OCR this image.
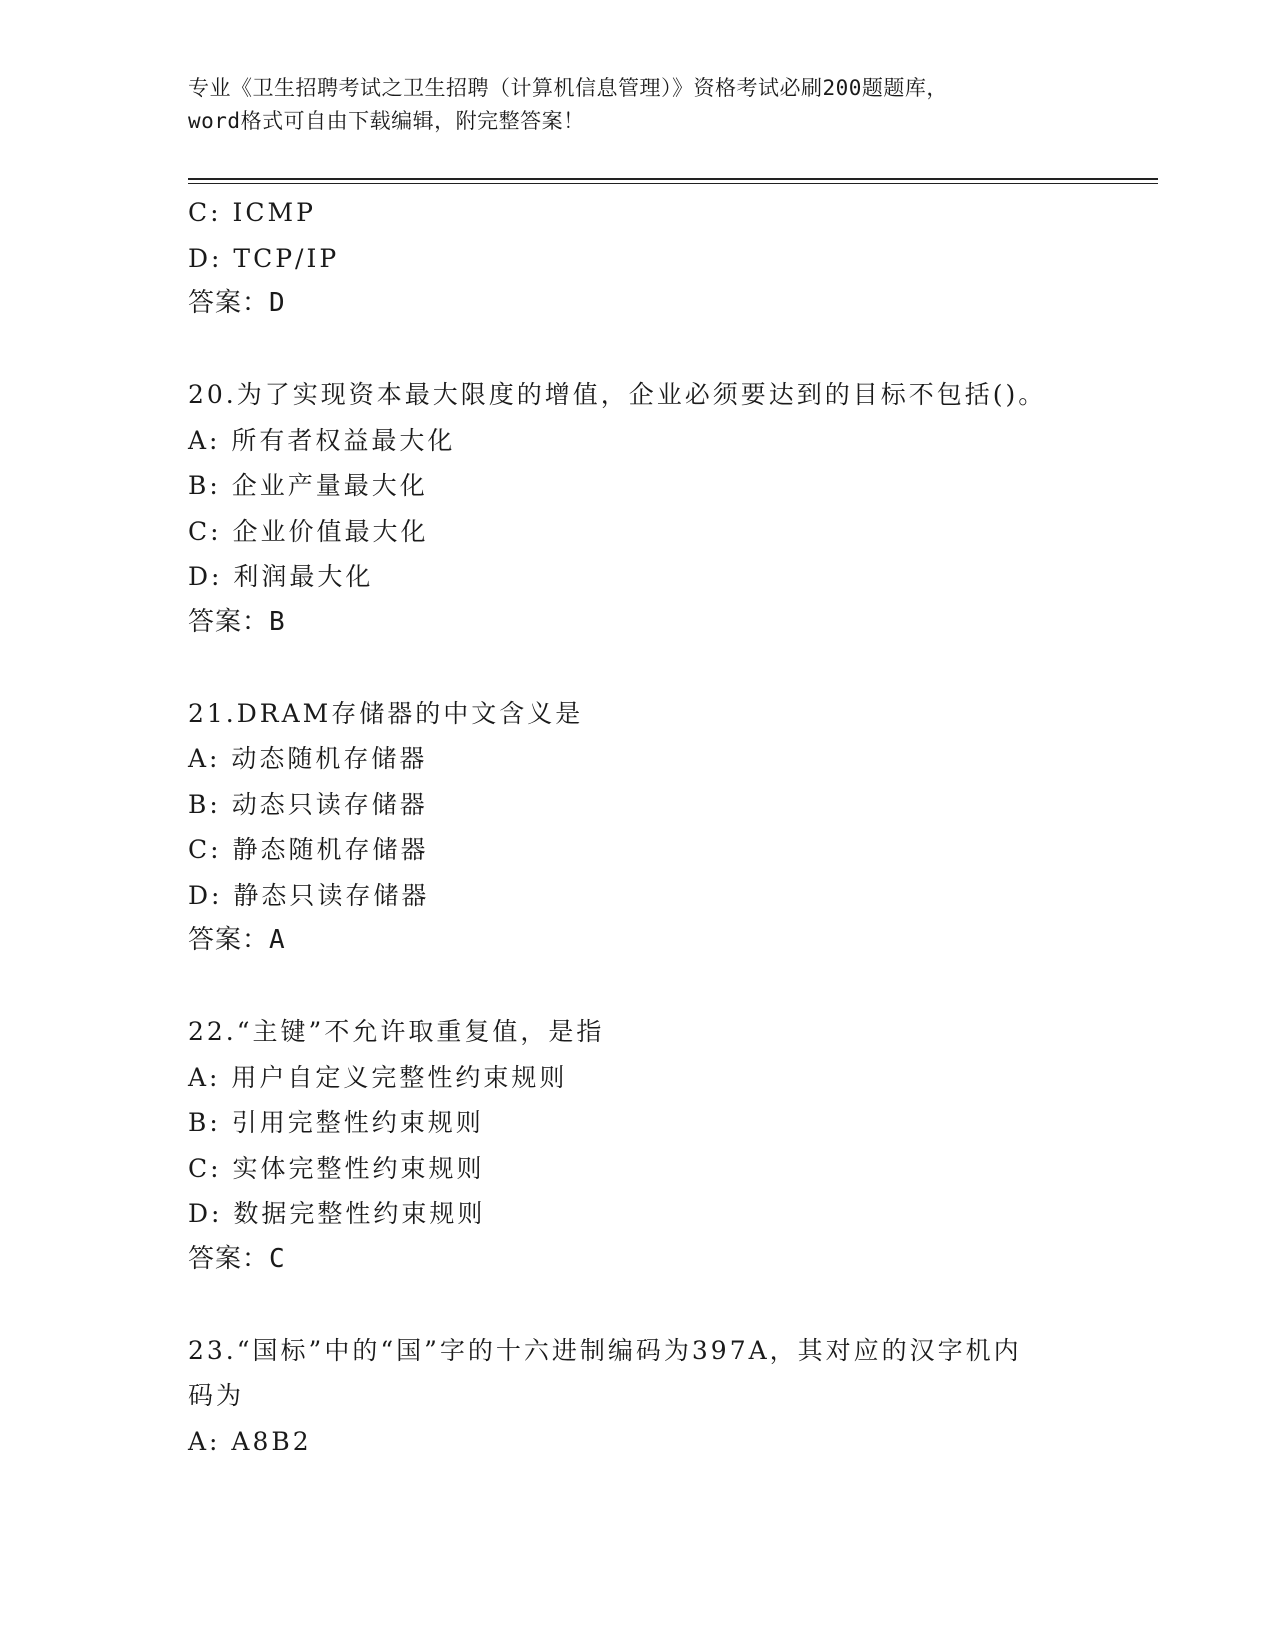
专业《卫生招聘考试之卫生招聘（计算机信息管理）》资格考试必刷200题题库，
word格式可自由下载编辑，附完整答案！
C: ICMP
D: TCP/IP
答案：D
20.为了实现资本最大限度的增值，企业必须要达到的目标不包括()。
A: 所有者权益最大化
B: 企业产量最大化
C: 企业价值最大化
D: 利润最大化
答案：B
21.DRAM存储器的中文含义是
A: 动态随机存储器
B: 动态只读存储器
C: 静态随机存储器
D: 静态只读存储器
答案：A
22.“主键”不允许取重复值，是指
A: 用户自定义完整性约束规则
B: 引用完整性约束规则
C: 实体完整性约束规则
D: 数据完整性约束规则
答案：C
23.“国标”中的“国”字的十六进制编码为397A，其对应的汉字机内
码为
A: A8B2
